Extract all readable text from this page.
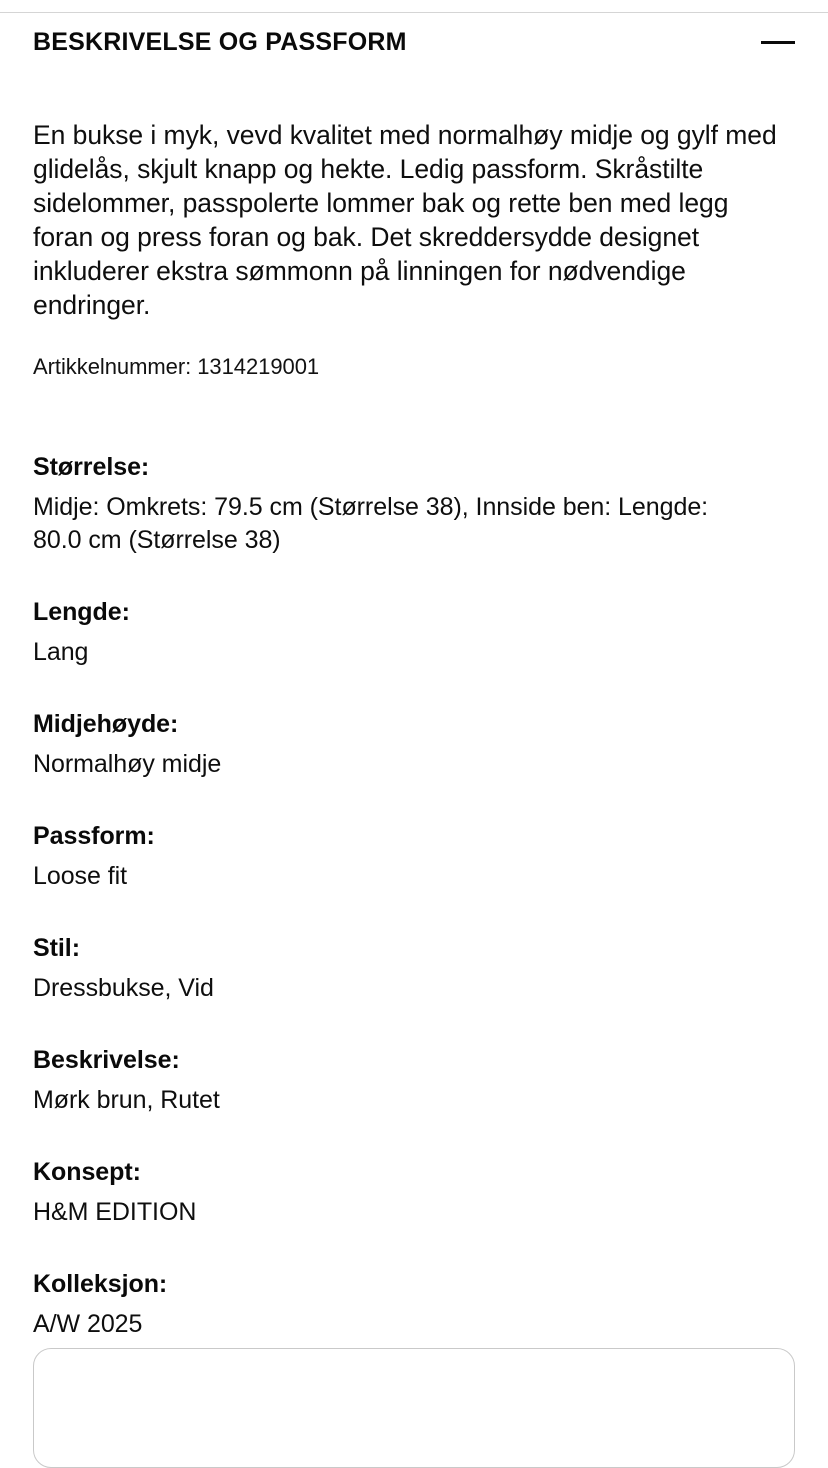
BESKRIVELSE OG PASSFORM

En bukse i myk, vevd kvalitet med normalhøy midje og gylf med glidelås, skjult knapp og hekte. Ledig passform. Skråstilte sidelommer, passpolerte lommer bak og rette ben med legg foran og press foran og bak. Det skreddersydde designet inkluderer ekstra sømmonn på linningen for nødvendige endringer.

Artikkelnummer: 1314219001

Størrelse:

Midje: Omkrets: 79.5 cm (Størrelse 38), Innside ben: Lengde: 80.0 cm (Størrelse 38)

Lengde:

Lang

Midjehøyde:

Normalhøy midje

Passform:

Loose fit

Stil:

Dressbukse, Vid

Beskrivelse:

Mørk brun, Rutet

Konsept:

H&M EDITION

Kolleksjon:

A/W 2025
